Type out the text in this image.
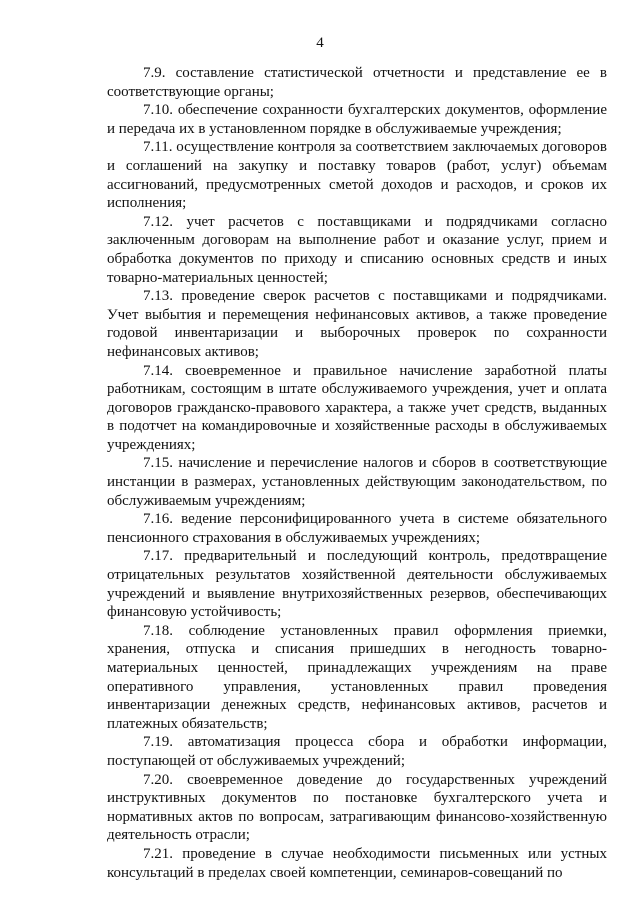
4

7.9. составление статистической отчетности и представление ее в соответствующие органы;

7.10. обеспечение сохранности бухгалтерских документов, оформление и передача их в установленном порядке в обслуживаемые учреждения;

7.11. осуществление контроля за соответствием заключаемых договоров и соглашений на закупку и поставку товаров (работ, услуг) объемам ассигнований, предусмотренных сметой доходов и расходов, и сроков их исполнения;

7.12. учет расчетов с поставщиками и подрядчиками согласно заключенным договорам на выполнение работ и оказание услуг, прием и обработка документов по приходу и списанию основных средств и иных товарно-материальных ценностей;

7.13. проведение сверок расчетов с поставщиками и подрядчиками. Учет выбытия и перемещения нефинансовых активов, а также проведение годовой инвентаризации и выборочных проверок по сохранности нефинансовых активов;

7.14. своевременное и правильное начисление заработной платы работникам, состоящим в штате обслуживаемого учреждения, учет и оплата договоров гражданско-правового характера, а также учет средств, выданных в подотчет на командировочные и хозяйственные расходы в обслуживаемых учреждениях;

7.15. начисление и перечисление налогов и сборов в соответствующие инстанции в размерах, установленных действующим законодательством, по обслуживаемым учреждениям;

7.16. ведение персонифицированного учета в системе обязательного пенсионного страхования в обслуживаемых учреждениях;

7.17. предварительный и последующий контроль, предотвращение отрицательных результатов хозяйственной деятельности обслуживаемых учреждений и выявление внутрихозяйственных резервов, обеспечивающих финансовую устойчивость;

7.18. соблюдение установленных правил оформления приемки, хранения, отпуска и списания пришедших в негодность товарно-материальных ценностей, принадлежащих учреждениям на праве оперативного управления, установленных правил проведения инвентаризации денежных средств, нефинансовых активов, расчетов и платежных обязательств;

7.19. автоматизация процесса сбора и обработки информации, поступающей от обслуживаемых учреждений;

7.20. своевременное доведение до государственных учреждений инструктивных документов по постановке бухгалтерского учета и нормативных актов по вопросам, затрагивающим финансово-хозяйственную деятельность отрасли;

7.21. проведение в случае необходимости письменных или устных консультаций в пределах своей компетенции, семинаров-совещаний по
